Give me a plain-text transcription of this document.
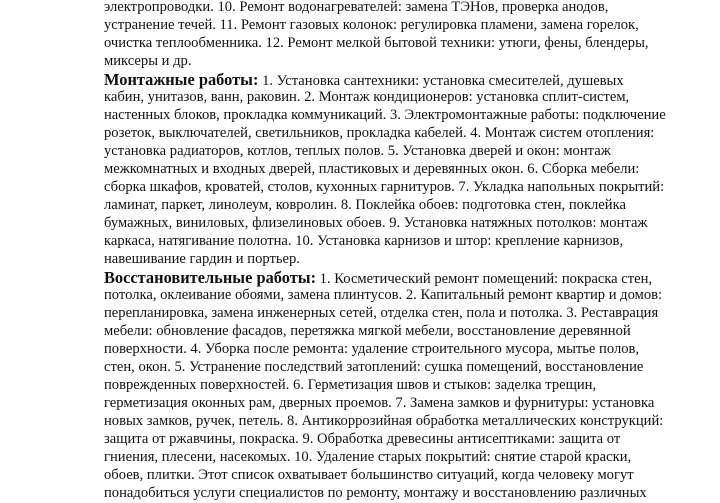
электропроводки. 10. Ремонт водонагревателей: замена ТЭНов, проверка анодов,
устранение течей. 11. Ремонт газовых колонок: регулировка пламени, замена горелок,
очистка теплообменника. 12. Ремонт мелкой бытовой техники: утюги, фены, блендеры,
миксеры и др.
Монтажные работы: 1. Установка сантехники: установка смесителей, душевых
кабин, унитазов, ванн, раковин. 2. Монтаж кондиционеров: установка сплит-систем,
настенных блоков, прокладка коммуникаций. 3. Электромонтажные работы: подключение
розеток, выключателей, светильников, прокладка кабелей. 4. Монтаж систем отопления:
установка радиаторов, котлов, теплых полов. 5. Установка дверей и окон: монтаж
межкомнатных и входных дверей, пластиковых и деревянных окон. 6. Сборка мебели:
сборка шкафов, кроватей, столов, кухонных гарнитуров. 7. Укладка напольных покрытий:
ламинат, паркет, линолеум, ковролин. 8. Поклейка обоев: подготовка стен, поклейка
бумажных, виниловых, флизелиновых обоев. 9. Установка натяжных потолков: монтаж
каркаса, натягивание полотна. 10. Установка карнизов и штор: крепление карнизов,
навешивание гардин и портьер.
Восстановительные работы: 1. Косметический ремонт помещений: покраска стен,
потолка, оклеивание обоями, замена плинтусов. 2. Капитальный ремонт квартир и домов:
перепланировка, замена инженерных сетей, отделка стен, пола и потолка. 3. Реставрация
мебели: обновление фасадов, перетяжка мягкой мебели, восстановление деревянной
поверхности. 4. Уборка после ремонта: удаление строительного мусора, мытье полов,
стен, окон. 5. Устранение последствий затоплений: сушка помещений, восстановление
поврежденных поверхностей. 6. Герметизация швов и стыков: заделка трещин,
герметизация оконных рам, дверных проемов. 7. Замена замков и фурнитуры: установка
новых замков, ручек, петель. 8. Антикоррозийная обработка металлических конструкций:
защита от ржавчины, покраска. 9. Обработка древесины антисептиками: защита от
гниения, плесени, насекомых. 10. Удаление старых покрытий: снятие старой краски,
обоев, плитки. Этот список охватывает большинство ситуаций, когда человеку могут
понадобиться услуги специалистов по ремонту, монтажу и восстановлению различных
